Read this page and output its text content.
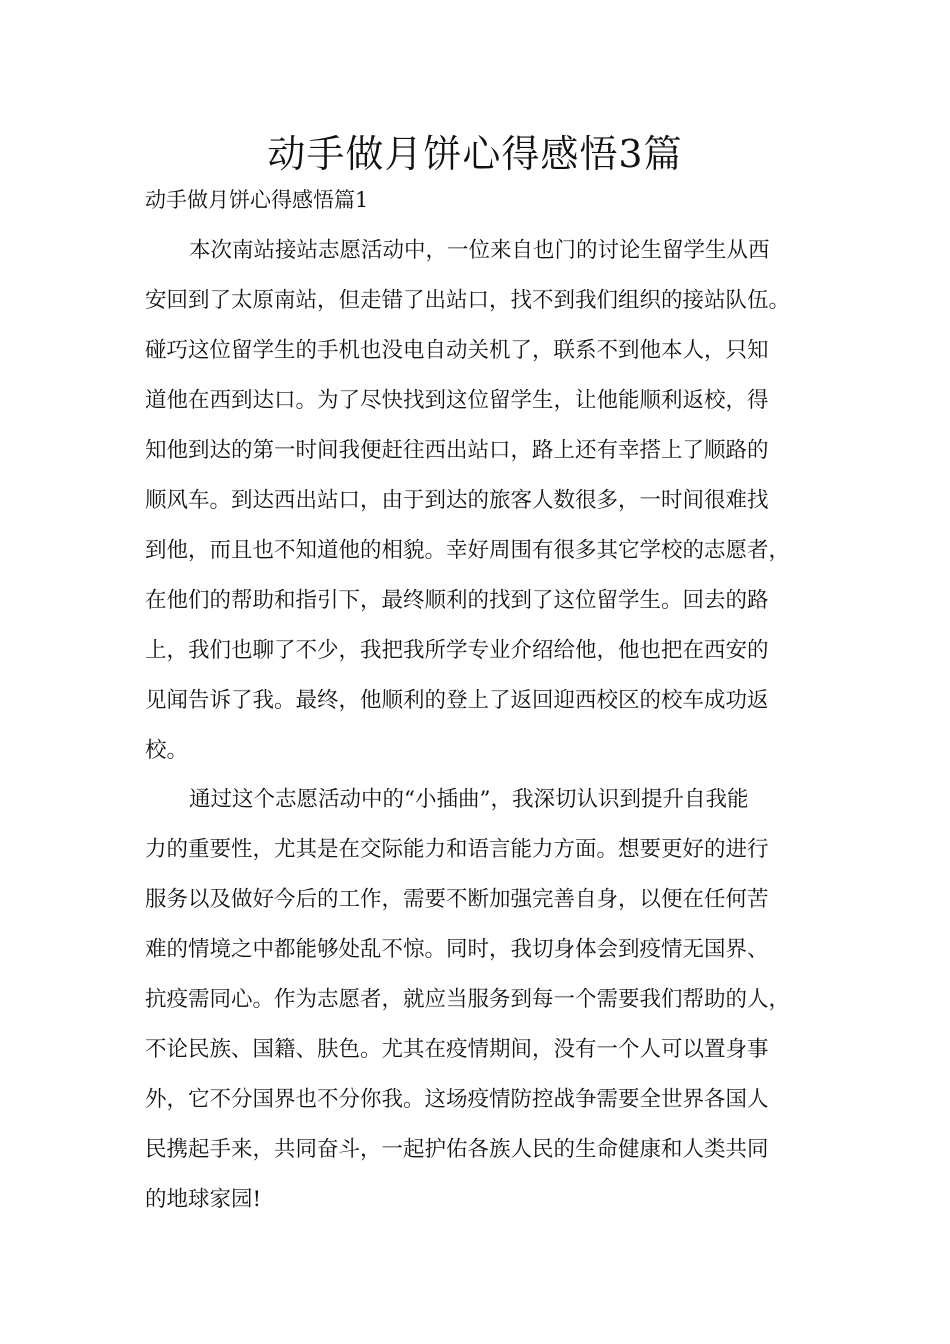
动手做月饼心得感悟3篇

动手做月饼心得感悟篇1

本次南站接站志愿活动中，一位来自也门的讨论生留学生从西
安回到了太原南站，但走错了出站口，找不到我们组织的接站队伍。
碰巧这位留学生的手机也没电自动关机了，联系不到他本人，只知
道他在西到达口。为了尽快找到这位留学生，让他能顺利返校，得
知他到达的第一时间我便赶往西出站口，路上还有幸搭上了顺路的
顺风车。到达西出站口，由于到达的旅客人数很多，一时间很难找
到他，而且也不知道他的相貌。幸好周围有很多其它学校的志愿者，
在他们的帮助和指引下，最终顺利的找到了这位留学生。回去的路
上，我们也聊了不少，我把我所学专业介绍给他，他也把在西安的
见闻告诉了我。最终，他顺利的登上了返回迎西校区的校车成功返
校。
通过这个志愿活动中的“小插曲”，我深切认识到提升自我能
力的重要性，尤其是在交际能力和语言能力方面。想要更好的进行
服务以及做好今后的工作，需要不断加强完善自身，以便在任何苦
难的情境之中都能够处乱不惊。同时，我切身体会到疫情无国界、
抗疫需同心。作为志愿者，就应当服务到每一个需要我们帮助的人，
不论民族、国籍、肤色。尤其在疫情期间，没有一个人可以置身事
外，它不分国界也不分你我。这场疫情防控战争需要全世界各国人
民携起手来，共同奋斗，一起护佑各族人民的生命健康和人类共同
的地球家园!
